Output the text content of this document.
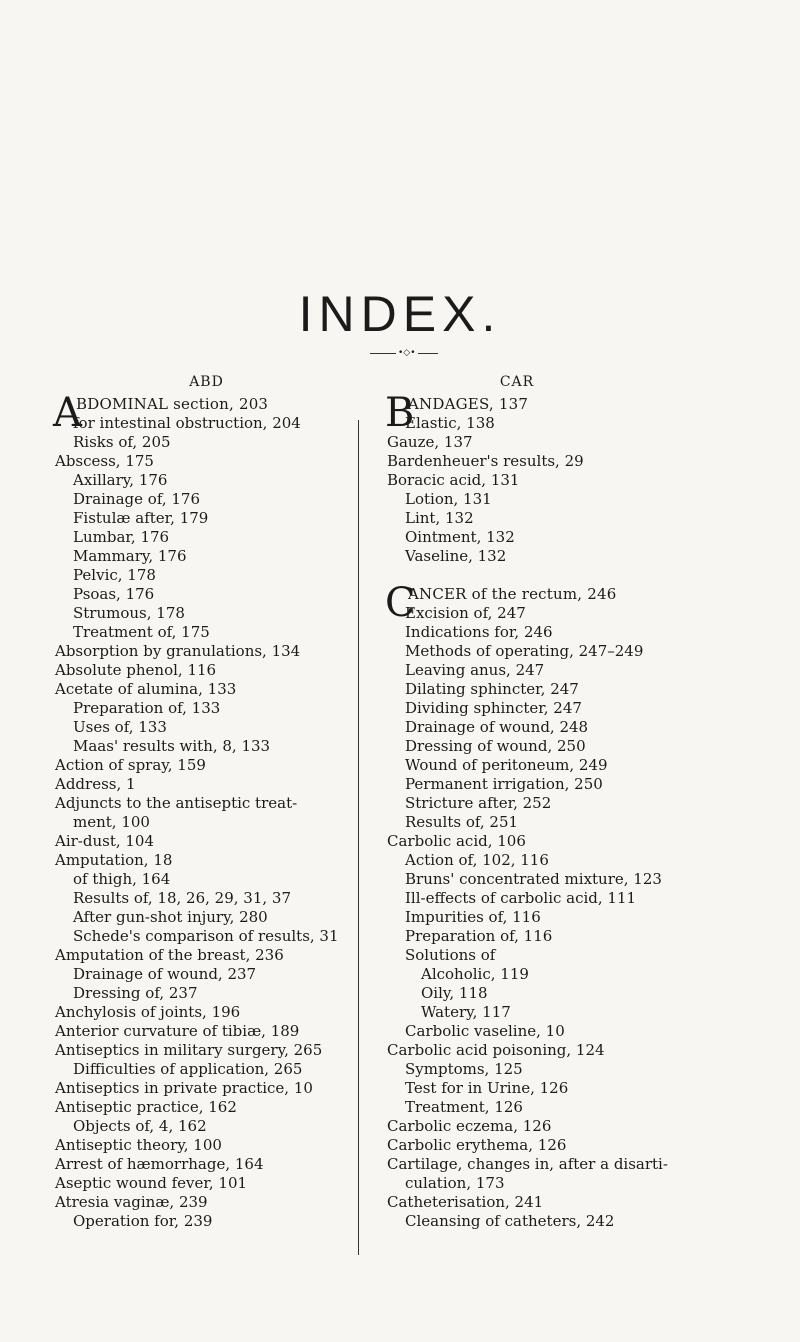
INDEX.
•◇•
ABD
A
BDOMINAL section, 203
for intestinal obstruction, 204
Risks of, 205
Abscess, 175
Axillary, 176
Drainage of, 176
Fistulæ after, 179
Lumbar, 176
Mammary, 176
Pelvic, 178
Psoas, 176
Strumous, 178
Treatment of, 175
Absorption by granulations, 134
Absolute phenol, 116
Acetate of alumina, 133
Preparation of, 133
Uses of, 133
Maas' results with, 8, 133
Action of spray, 159
Address, 1
Adjuncts to the antiseptic treat-
ment, 100
Air-dust, 104
Amputation, 18
of thigh, 164
Results of, 18, 26, 29, 31, 37
After gun-shot injury, 280
Schede's comparison of results, 31
Amputation of the breast, 236
Drainage of wound, 237
Dressing of, 237
Anchylosis of joints, 196
Anterior curvature of tibiæ, 189
Antiseptics in military surgery, 265
Difficulties of application, 265
Antiseptics in private practice, 10
Antiseptic practice, 162
Objects of, 4, 162
Antiseptic theory, 100
Arrest of hæmorrhage, 164
Aseptic wound fever, 101
Atresia vaginæ, 239
Operation for, 239
CAR
B
ANDAGES, 137
Elastic, 138
Gauze, 137
Bardenheuer's results, 29
Boracic acid, 131
Lotion, 131
Lint, 132
Ointment, 132
Vaseline, 132
C
ANCER of the rectum, 246
Excision of, 247
Indications for, 246
Methods of operating, 247–249
Leaving anus, 247
Dilating sphincter, 247
Dividing sphincter, 247
Drainage of wound, 248
Dressing of wound, 250
Wound of peritoneum, 249
Permanent irrigation, 250
Stricture after, 252
Results of, 251
Carbolic acid, 106
Action of, 102, 116
Bruns' concentrated mixture, 123
Ill-effects of carbolic acid, 111
Impurities of, 116
Preparation of, 116
Solutions of
Alcoholic, 119
Oily, 118
Watery, 117
Carbolic vaseline, 10
Carbolic acid poisoning, 124
Symptoms, 125
Test for in Urine, 126
Treatment, 126
Carbolic eczema, 126
Carbolic erythema, 126
Cartilage, changes in, after a disarti-
culation, 173
Catheterisation, 241
Cleansing of catheters, 242
